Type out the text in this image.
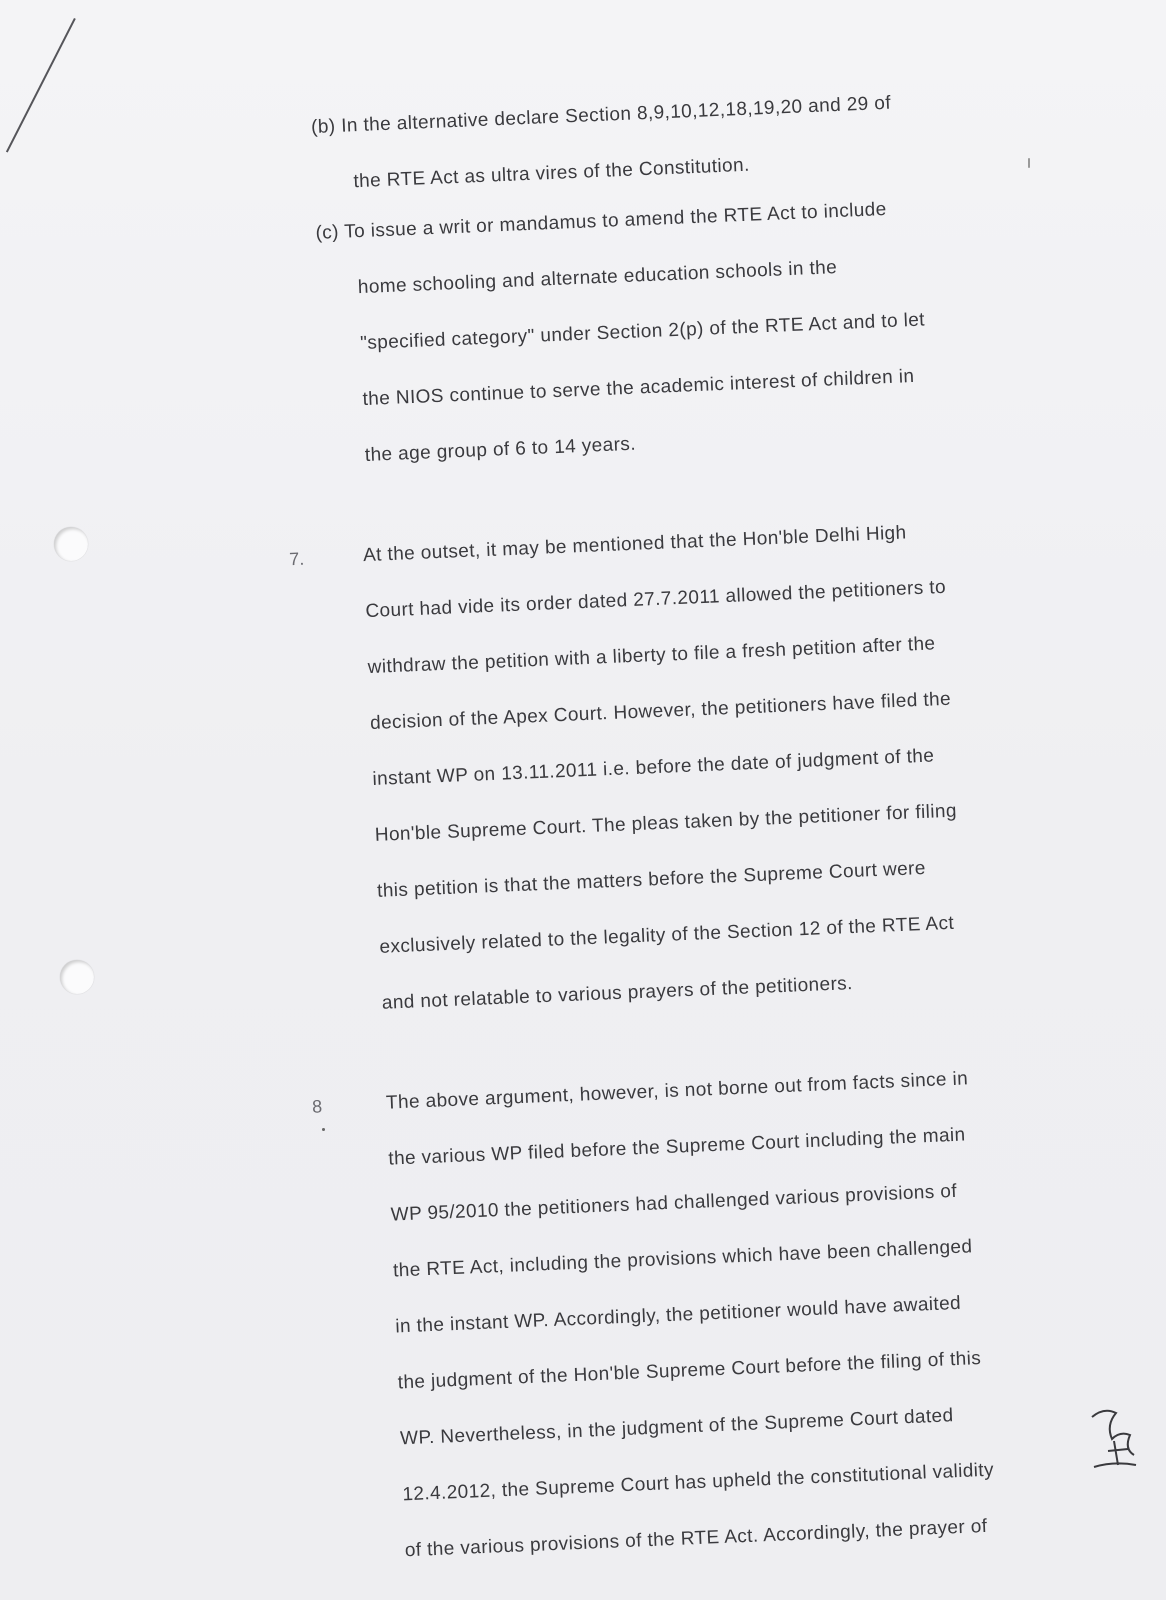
(b) In the alternative declare Section 8,9,10,12,18,19,20 and 29 of
the RTE Act as ultra vires of the Constitution.
(c) To issue a writ or mandamus to amend the RTE Act to include
home schooling and alternate education schools in the
"specified category" under Section 2(p) of the RTE Act and to let
the NIOS continue to serve the academic interest of children in
the age group of 6 to 14 years.
7.	At the outset, it may be mentioned that the Hon'ble Delhi High
Court had vide its order dated 27.7.2011 allowed the petitioners to
withdraw the petition with a liberty to file a fresh petition after the
decision of the Apex Court. However, the petitioners have filed the
instant WP on 13.11.2011 i.e. before the date of judgment of the
Hon'ble Supreme Court. The pleas taken by the petitioner for filing
this petition is that the matters before the Supreme Court were
exclusively related to the legality of the Section 12 of the RTE Act
and not relatable to various prayers of the petitioners.
8	The above argument, however, is not borne out from facts since in
the various WP filed before the Supreme Court including the main
WP 95/2010 the petitioners had challenged various provisions of
the RTE Act, including the provisions which have been challenged
in the instant WP. Accordingly, the petitioner would have awaited
the judgment of the Hon'ble Supreme Court before the filing of this
WP. Nevertheless, in the judgment of the Supreme Court dated
12.4.2012, the Supreme Court has upheld the constitutional validity
of the various provisions of the RTE Act. Accordingly, the prayer of
